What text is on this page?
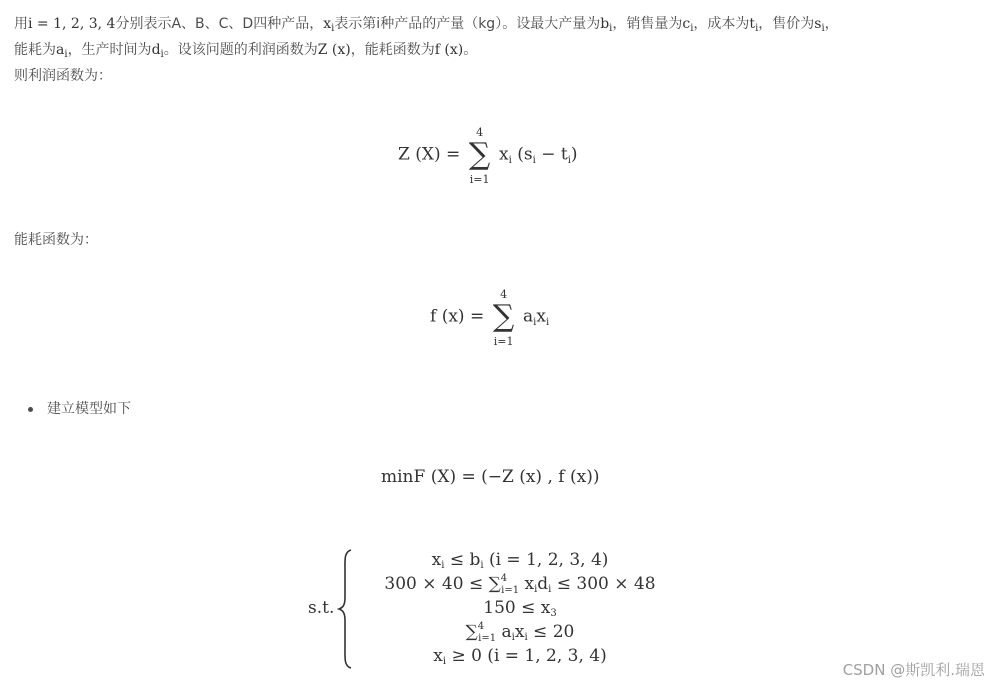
用i = 1, 2, 3, 4分别表示A、B、C、D四种产品，$x_i$表示第i种产品的产量（kg）。设最大产量为$b_i$，销售量为$c_i$，成本为$t_i$，售价为$s_i$，
能耗为$a_i$，生产时间为$d_i$。设该问题的利润函数为Z (x)，能耗函数为f (x)。
则利润函数为：
Z (X) =
4
∑
i=1
xi (si − ti)
能耗函数为：
f (x) =
4
∑
i=1
aixi
建立模型如下
minF (X) = (−Z (x) , f (x))
s.t.
xi ≤ bi (i = 1, 2, 3, 4)
300 × 40 ≤ ∑$^4_{i=1}$ xidi ≤ 300 × 48
150 ≤ x3
∑$^4_{i=1}$ aixi ≤ 20
xi ≥ 0 (i = 1, 2, 3, 4)
CSDN @斯凯利.瑞恩
